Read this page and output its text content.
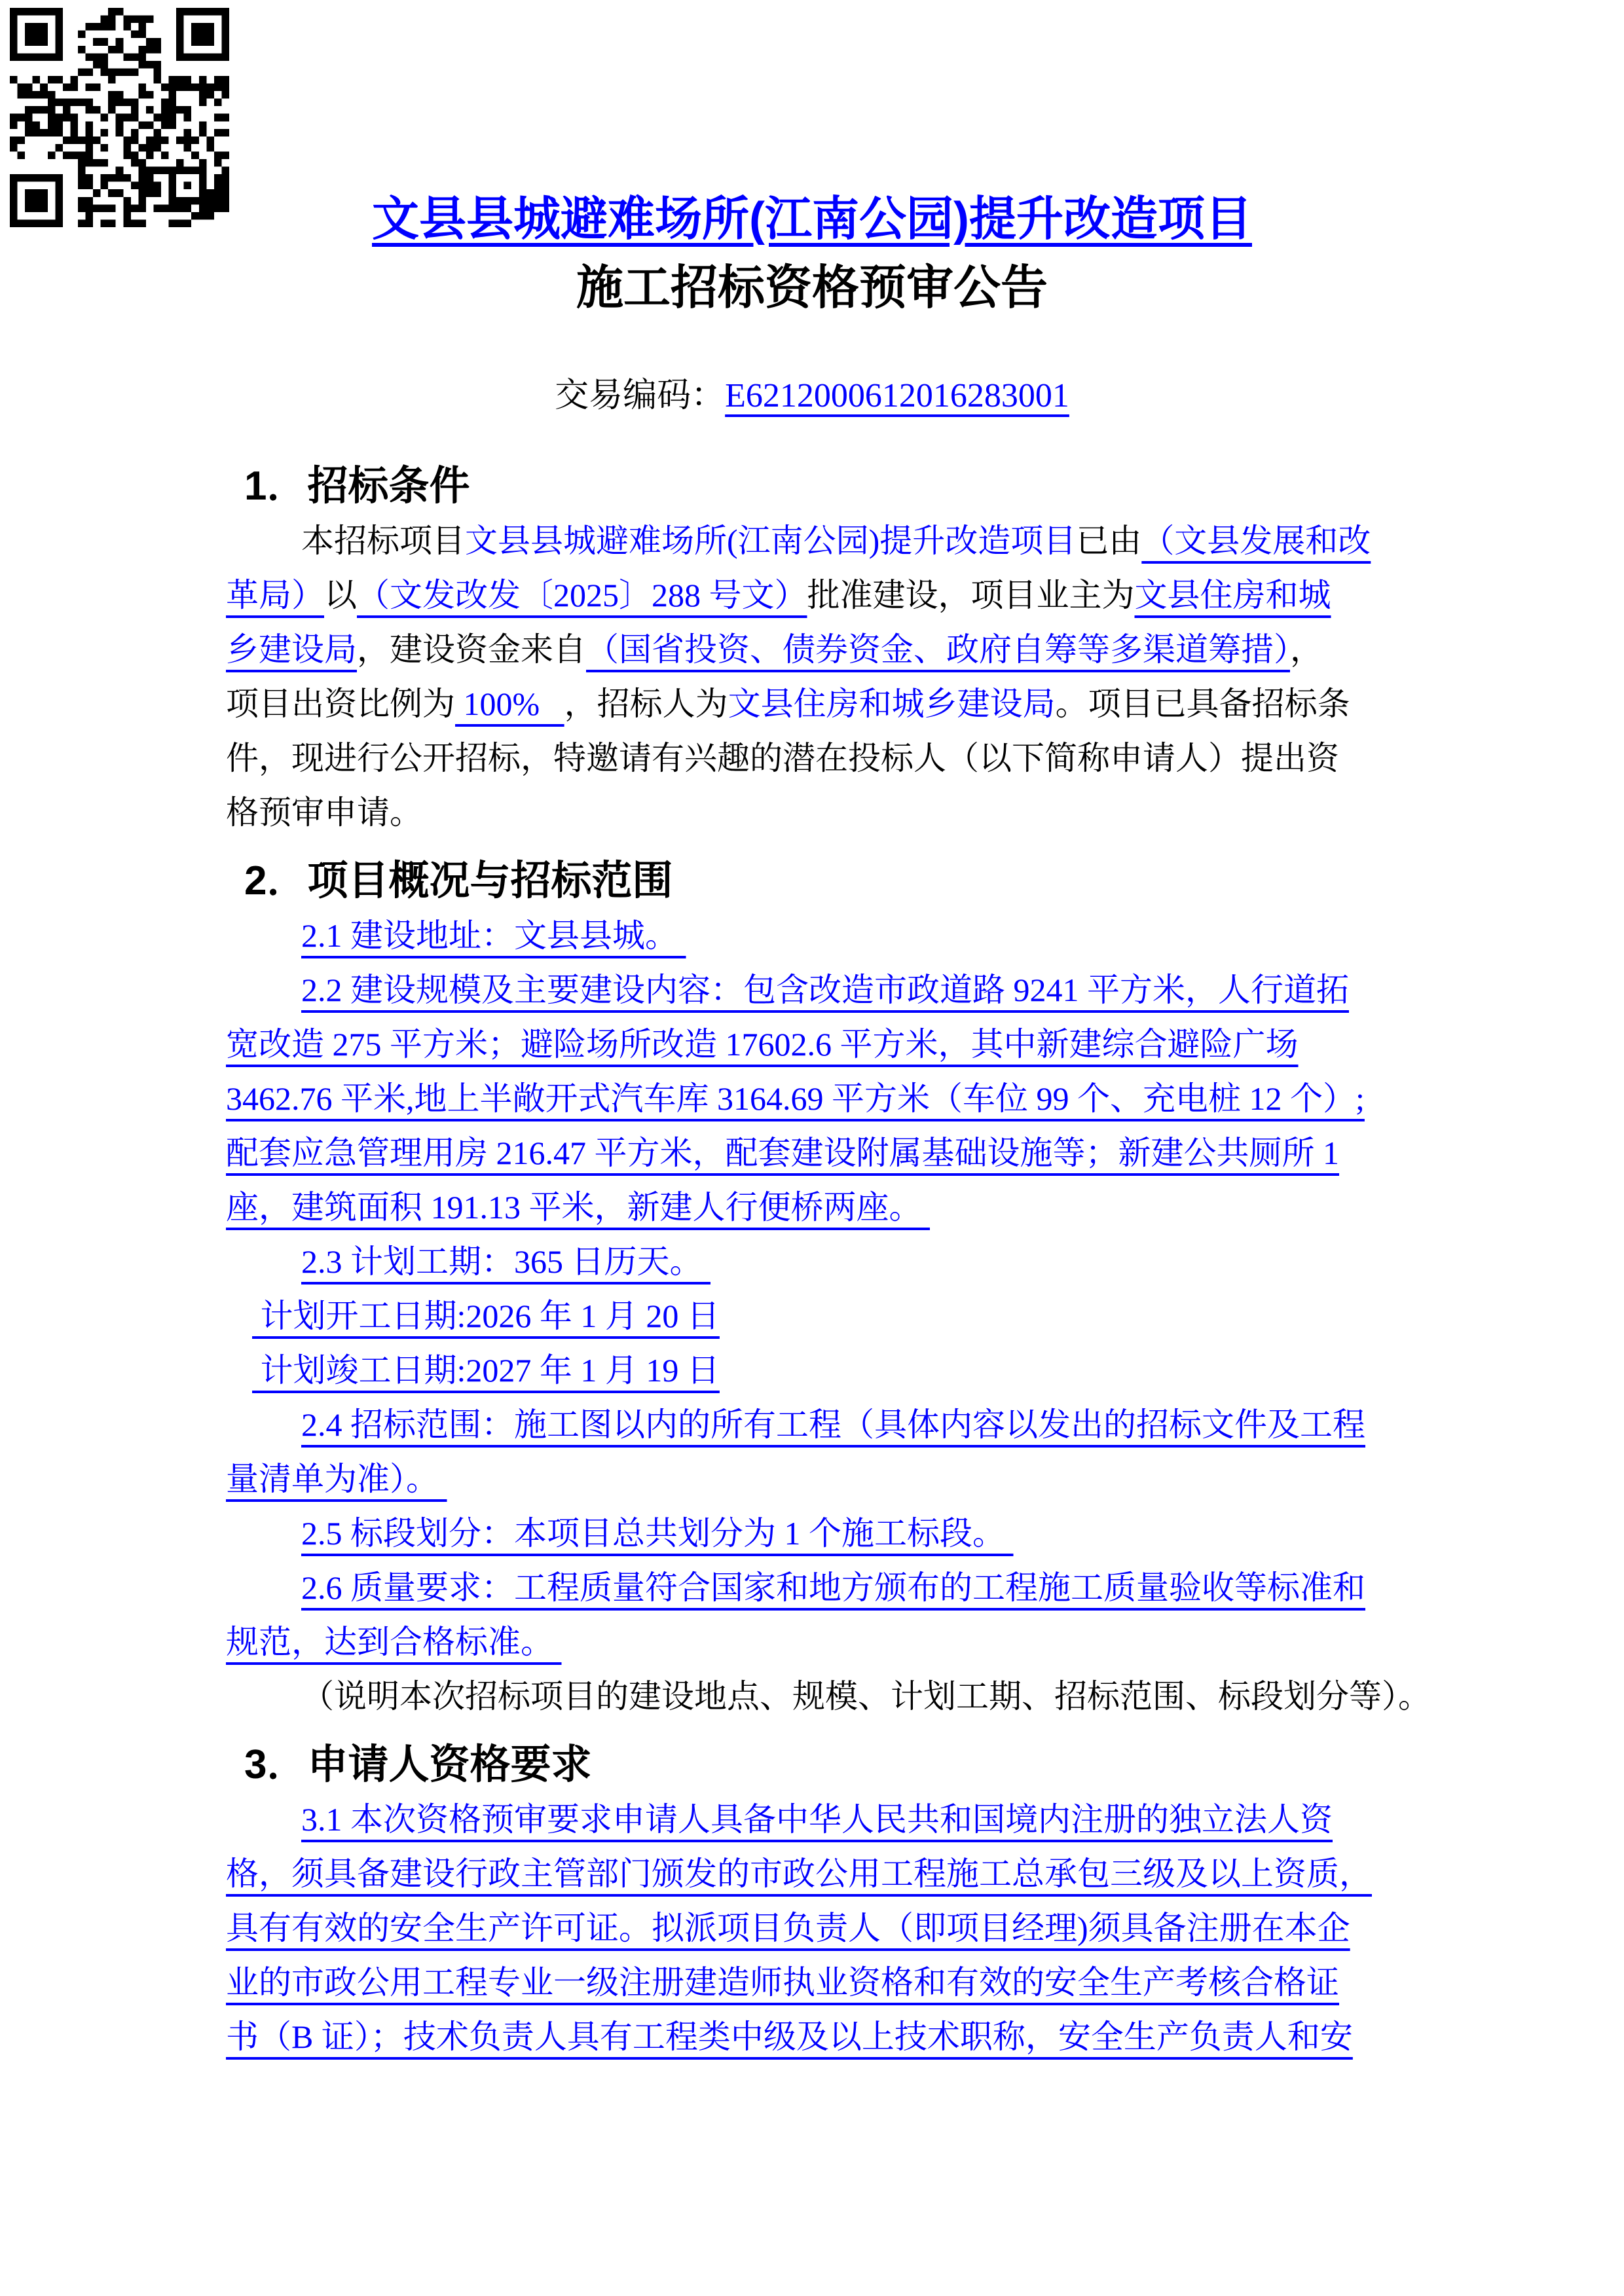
文县县城避难场所(江南公园)提升改造项目
施工招标资格预审公告
交易编码：E6212000612016283001
1．招标条件
本招标项目文县县城避难场所(江南公园)提升改造项目已由（文县发展和改
革局）以（文发改发〔2025〕288 号文）批准建设，项目业主为文县住房和城
乡建设局，建设资金来自（国省投资、债券资金、政府自筹等多渠道筹措），
项目出资比例为 100%   ，招标人为文县住房和城乡建设局。项目已具备招标条
件，现进行公开招标，特邀请有兴趣的潜在投标人（以下简称申请人）提出资
格预审申请。
2．项目概况与招标范围
2.1 建设地址：文县县城。
2.2 建设规模及主要建设内容：包含改造市政道路 9241 平方米，人行道拓
宽改造 275 平方米；避险场所改造 17602.6 平方米，其中新建综合避险广场
3462.76 平米,地上半敞开式汽车库 3164.69 平方米（车位 99 个、充电桩 12 个）;
配套应急管理用房 216.47 平方米，配套建设附属基础设施等；新建公共厕所 1
座，建筑面积 191.13 平米，新建人行便桥两座。
2.3 计划工期：365 日历天。
计划开工日期:2026 年 1 月 20 日
计划竣工日期:2027 年 1 月 19 日
2.4 招标范围：施工图以内的所有工程（具体内容以发出的招标文件及工程
量清单为准）。
2.5 标段划分：本项目总共划分为 1 个施工标段。
2.6 质量要求：工程质量符合国家和地方颁布的工程施工质量验收等标准和
规范，达到合格标准。
（说明本次招标项目的建设地点、规模、计划工期、招标范围、标段划分等）。
3．申请人资格要求
3.1 本次资格预审要求申请人具备中华人民共和国境内注册的独立法人资
格，须具备建设行政主管部门颁发的市政公用工程施工总承包三级及以上资质，
具有有效的安全生产许可证。拟派项目负责人（即项目经理)须具备注册在本企
业的市政公用工程专业一级注册建造师执业资格和有效的安全生产考核合格证
书（B 证）；技术负责人具有工程类中级及以上技术职称，安全生产负责人和安
